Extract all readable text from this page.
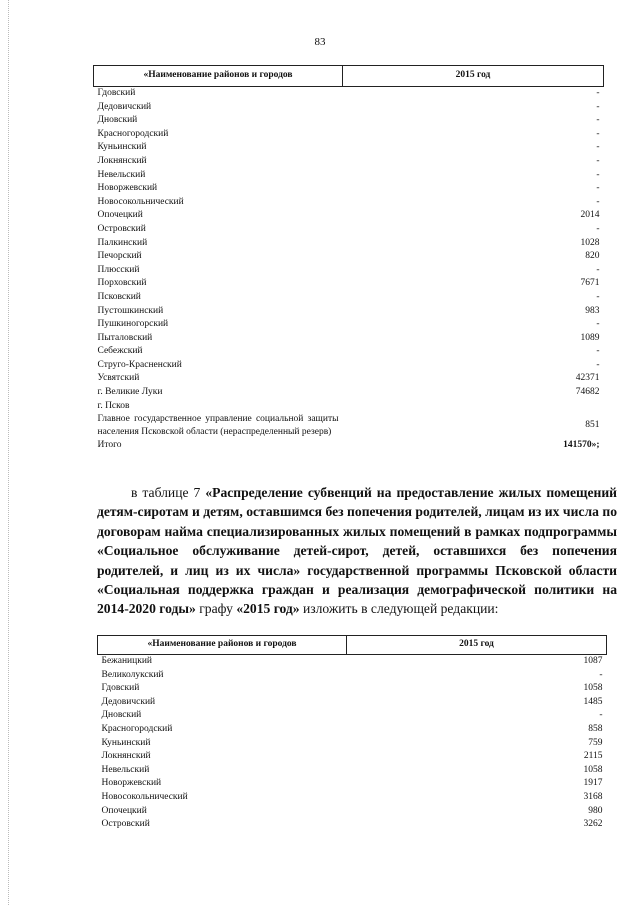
83
«Наименование районов и городов	2015 год
Гдовский	-
Дедовичский	-
Дновский	-
Красногородский	-
Куньинский	-
Локнянский	-
Невельский	-
Новоржевский	-
Новосокольнический	-
Опочецкий	2014
Островский	-
Палкинский	1028
Печорский	820
Плюсский	-
Порховский	7671
Псковский	-
Пустошкинский	983
Пушкиногорский	-
Пыталовский	1089
Себежский	-
Струго-Красненский	-
Усвятский	42371
г. Великие Луки	74682
г. Псков	

Главное государственное управление социальной защиты населения Псковской области (нераспределенный резерв)	851
Итого	141570»;
в таблице 7 «Распределение субвенций на предоставление жилых помещений детям-сиротам и детям, оставшимся без попечения родителей, лицам из их числа по договорам найма специализированных жилых помещений в рамках подпрограммы «Социальное обслуживание детей-сирот, детей, оставшихся без попечения родителей, и лиц из их числа» государственной программы Псковской области «Социальная поддержка граждан и реализация демографической политики на 2014-2020 годы» графу «2015 год» изложить в следующей редакции:
«Наименование районов и городов	2015 год
Бежаницкий	1087
Великолукский	-
Гдовский	1058
Дедовичский	1485
Дновский	-
Красногородский	858
Куньинский	759
Локнянский	2115
Невельский	1058
Новоржевский	1917
Новосокольнический	3168
Опочецкий	980
Островский	3262
